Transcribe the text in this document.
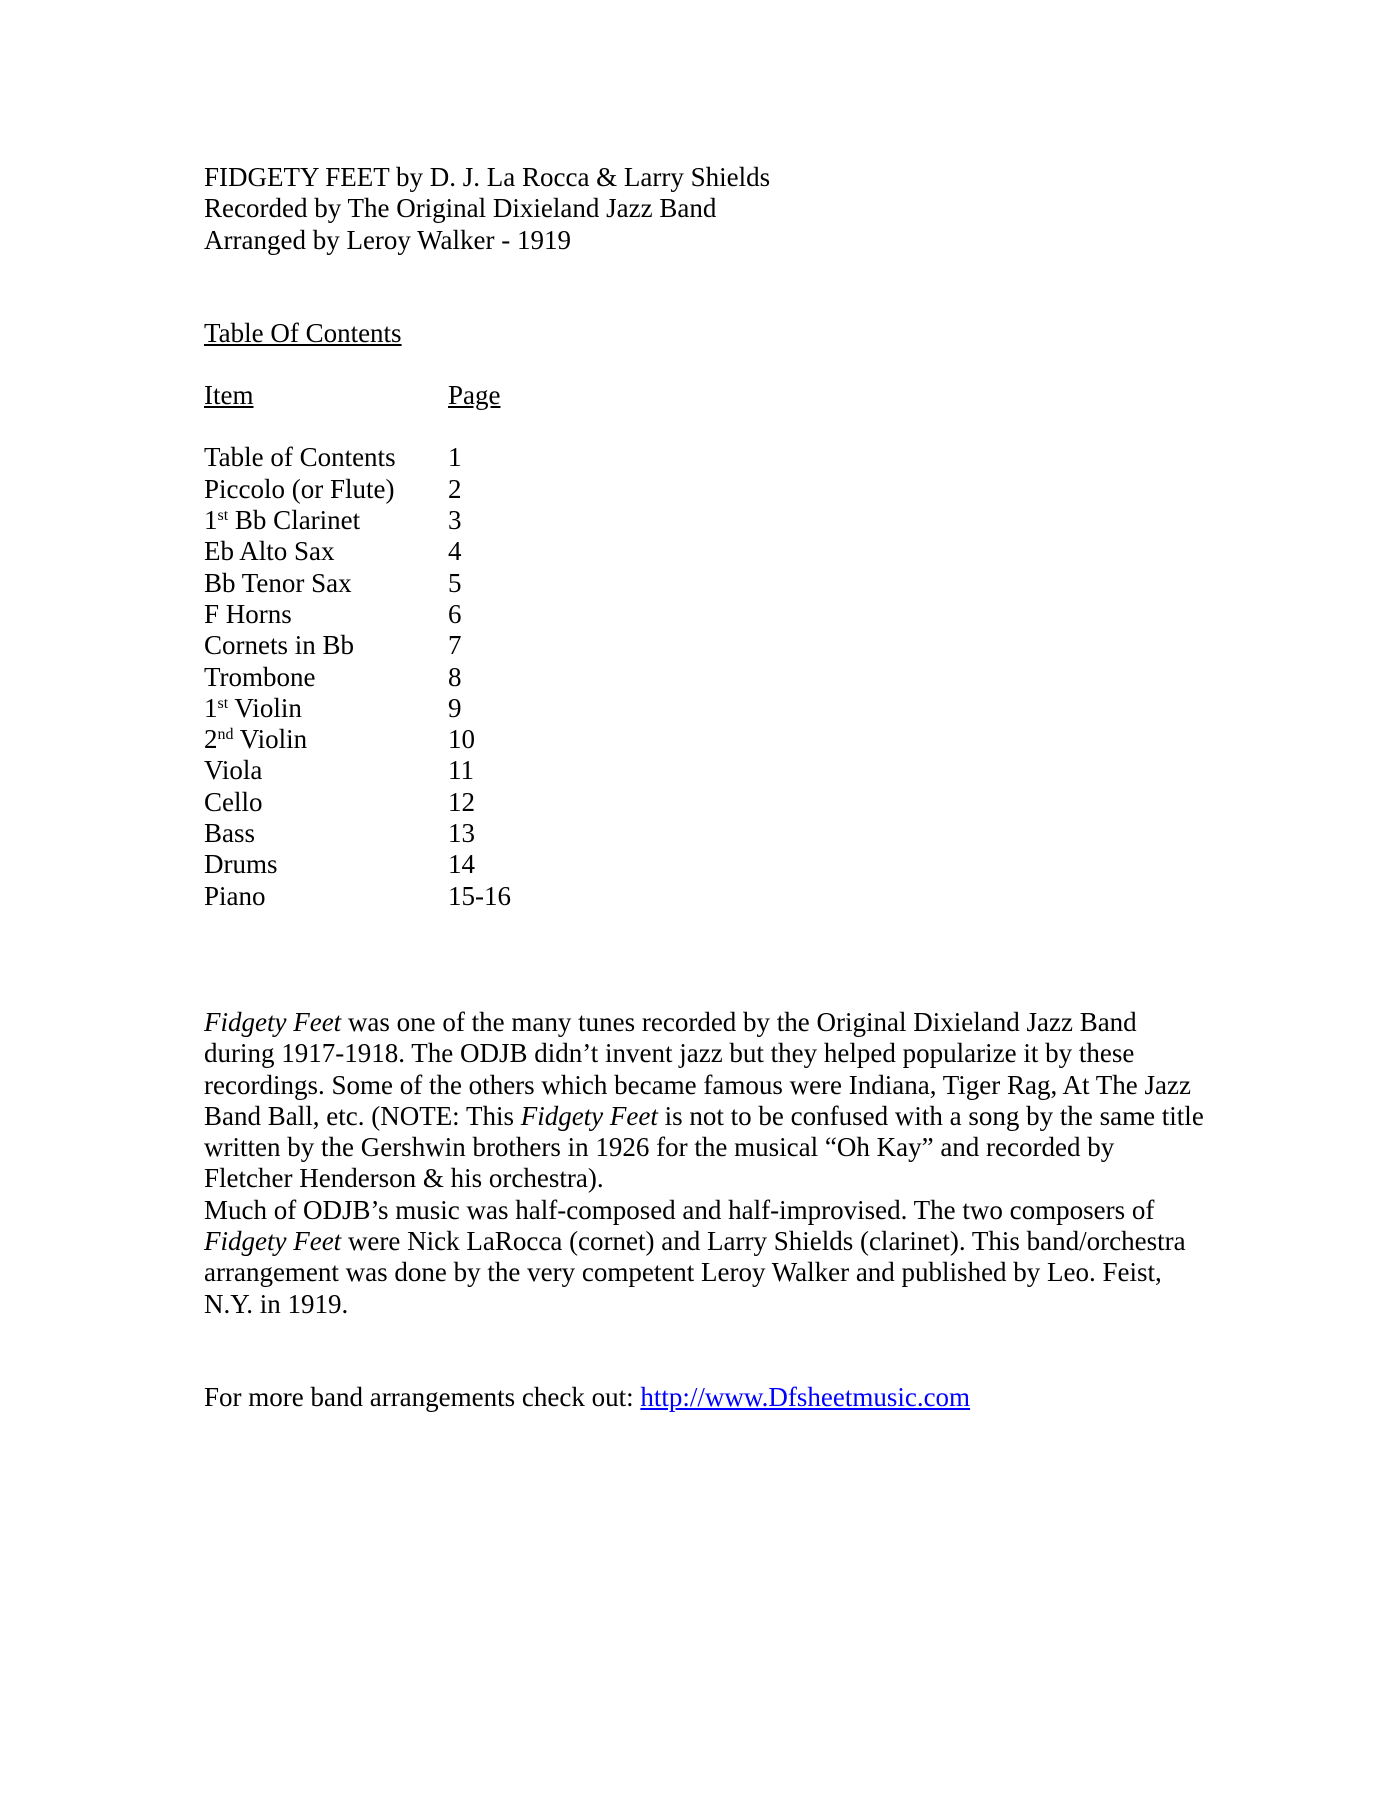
FIDGETY FEET by D. J. La Rocca & Larry Shields
Recorded by The Original Dixieland Jazz Band
Arranged by Leroy Walker - 1919
Table Of Contents
Item	Page
Table of Contents	1
Piccolo (or Flute)	2
1st Bb Clarinet	3
Eb Alto Sax	4
Bb Tenor Sax	5
F Horns	6
Cornets in Bb	7
Trombone	8
1st Violin	9
2nd Violin	10
Viola	11
Cello	12
Bass	13
Drums	14
Piano	15-16

Fidgety Feet was one of the many tunes recorded by the Original Dixieland Jazz Band during 1917-1918. The ODJB didn’t invent jazz but they helped popularize it by these recordings. Some of the others which became famous were Indiana, Tiger Rag, At The Jazz Band Ball, etc. (NOTE: This Fidgety Feet is not to be confused with a song by the same title written by the Gershwin brothers in 1926 for the musical “Oh Kay” and recorded by Fletcher Henderson & his orchestra).

Much of ODJB’s music was half-composed and half-improvised. The two composers of Fidgety Feet were Nick LaRocca (cornet) and Larry Shields (clarinet). This band/orchestra arrangement was done by the very competent Leroy Walker and published by Leo. Feist, N.Y. in 1919.

For more band arrangements check out: http://www.Dfsheetmusic.com
